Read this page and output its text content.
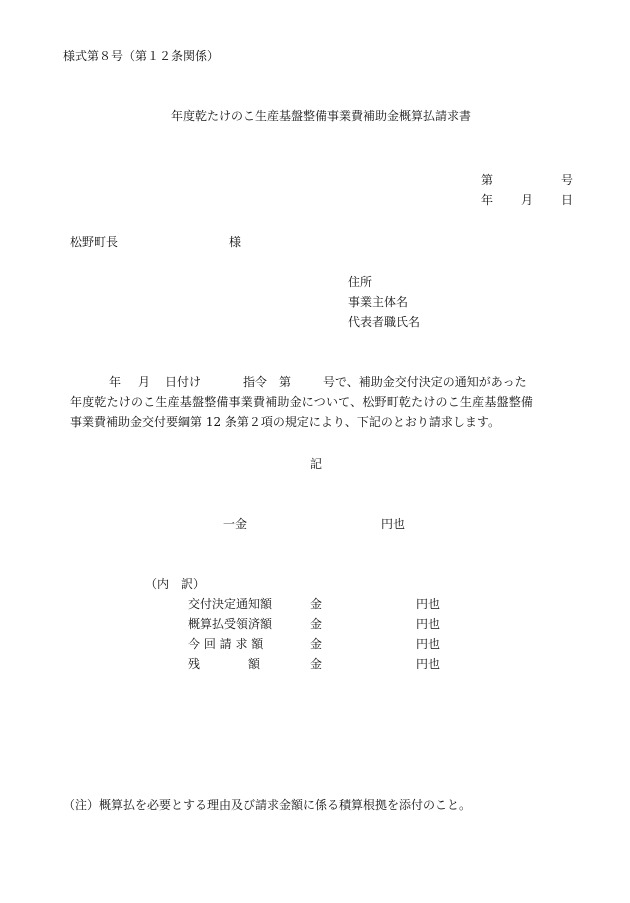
様式第８号（第１２条関係）
年度乾たけのこ生産基盤整備事業費補助金概算払請求書
第	号
年 月 日
松野町長	様
住所
事業主体名
代表者職氏名
年 月 日付け	指令　第	号で、補助金交付決定の通知があった
年度乾たけのこ生産基盤整備事業費補助金について、松野町乾たけのこ生産基盤整備
事業費補助金交付要綱第 12 条第２項の規定により、下記のとおり請求します。
記
一金	円也
（内　訳）
交付決定通知額	金	円也
概算払受領済額	金	円也
今 回 請 求 額	金	円也
残　　　　額	金	円也
（注）概算払を必要とする理由及び請求金額に係る積算根拠を添付のこと。
